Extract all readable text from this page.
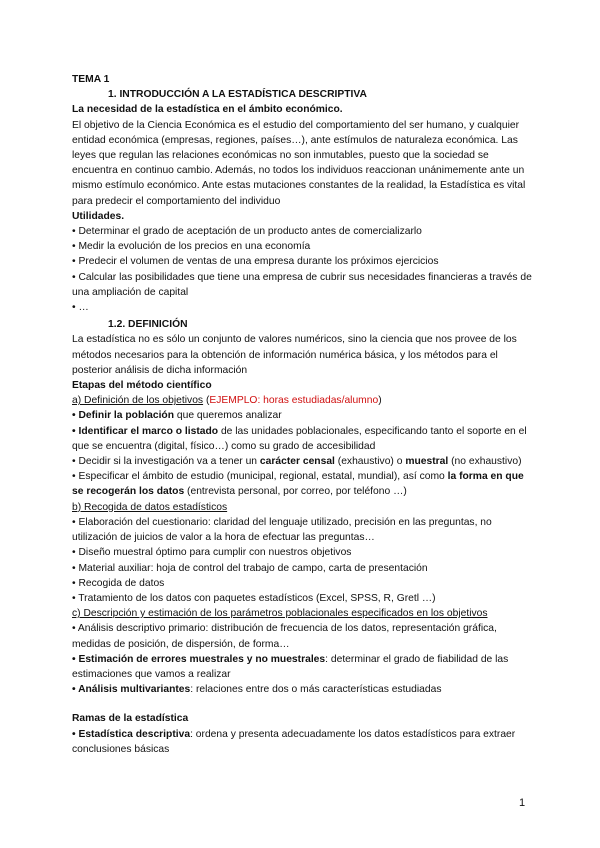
TEMA 1

1. INTRODUCCIÓN A LA ESTADÍSTICA DESCRIPTIVA

La necesidad de la estadística en el ámbito económico.

El objetivo de la Ciencia Económica es el estudio del comportamiento del ser humano, y cualquier entidad económica (empresas, regiones, países…), ante estímulos de naturaleza económica. Las leyes que regulan las relaciones económicas no son inmutables, puesto que la sociedad se encuentra en continuo cambio. Además, no todos los individuos reaccionan unánimemente ante un mismo estímulo económico. Ante estas mutaciones constantes de la realidad, la Estadística es vital para predecir el comportamiento del individuo

Utilidades.

• Determinar el grado de aceptación de un producto antes de comercializarlo

• Medir la evolución de los precios en una economía

• Predecir el volumen de ventas de una empresa durante los próximos ejercicios

• Calcular las posibilidades que tiene una empresa de cubrir sus necesidades financieras a través de una ampliación de capital

• …

1.2. DEFINICIÓN

La estadística no es sólo un conjunto de valores numéricos, sino la ciencia que nos provee de los métodos necesarios para la obtención de información numérica básica, y los métodos para el posterior análisis de dicha información

Etapas del método científico

a) Definición de los objetivos (EJEMPLO: horas estudiadas/alumno)

• Definir la población que queremos analizar

• Identificar el marco o listado de las unidades poblacionales, especificando tanto el soporte en el que se encuentra (digital, físico…) como su grado de accesibilidad

• Decidir si la investigación va a tener un carácter censal (exhaustivo) o muestral (no exhaustivo)

• Especificar el ámbito de estudio (municipal, regional, estatal, mundial), así como la forma en que se recogerán los datos (entrevista personal, por correo, por teléfono …)

b) Recogida de datos estadísticos

• Elaboración del cuestionario: claridad del lenguaje utilizado, precisión en las preguntas, no utilización de juicios de valor a la hora de efectuar las preguntas…

• Diseño muestral óptimo para cumplir con nuestros objetivos

• Material auxiliar: hoja de control del trabajo de campo, carta de presentación

• Recogida de datos

• Tratamiento de los datos con paquetes estadísticos (Excel, SPSS, R, Gretl …)

c) Descripción y estimación de los parámetros poblacionales especificados en los objetivos

• Análisis descriptivo primario: distribución de frecuencia de los datos, representación gráfica, medidas de posición, de dispersión, de forma…

• Estimación de errores muestrales y no muestrales: determinar el grado de fiabilidad de las estimaciones que vamos a realizar

• Análisis multivariantes: relaciones entre dos o más características estudiadas

Ramas de la estadística

• Estadística descriptiva: ordena y presenta adecuadamente los datos estadísticos para extraer conclusiones básicas

1
